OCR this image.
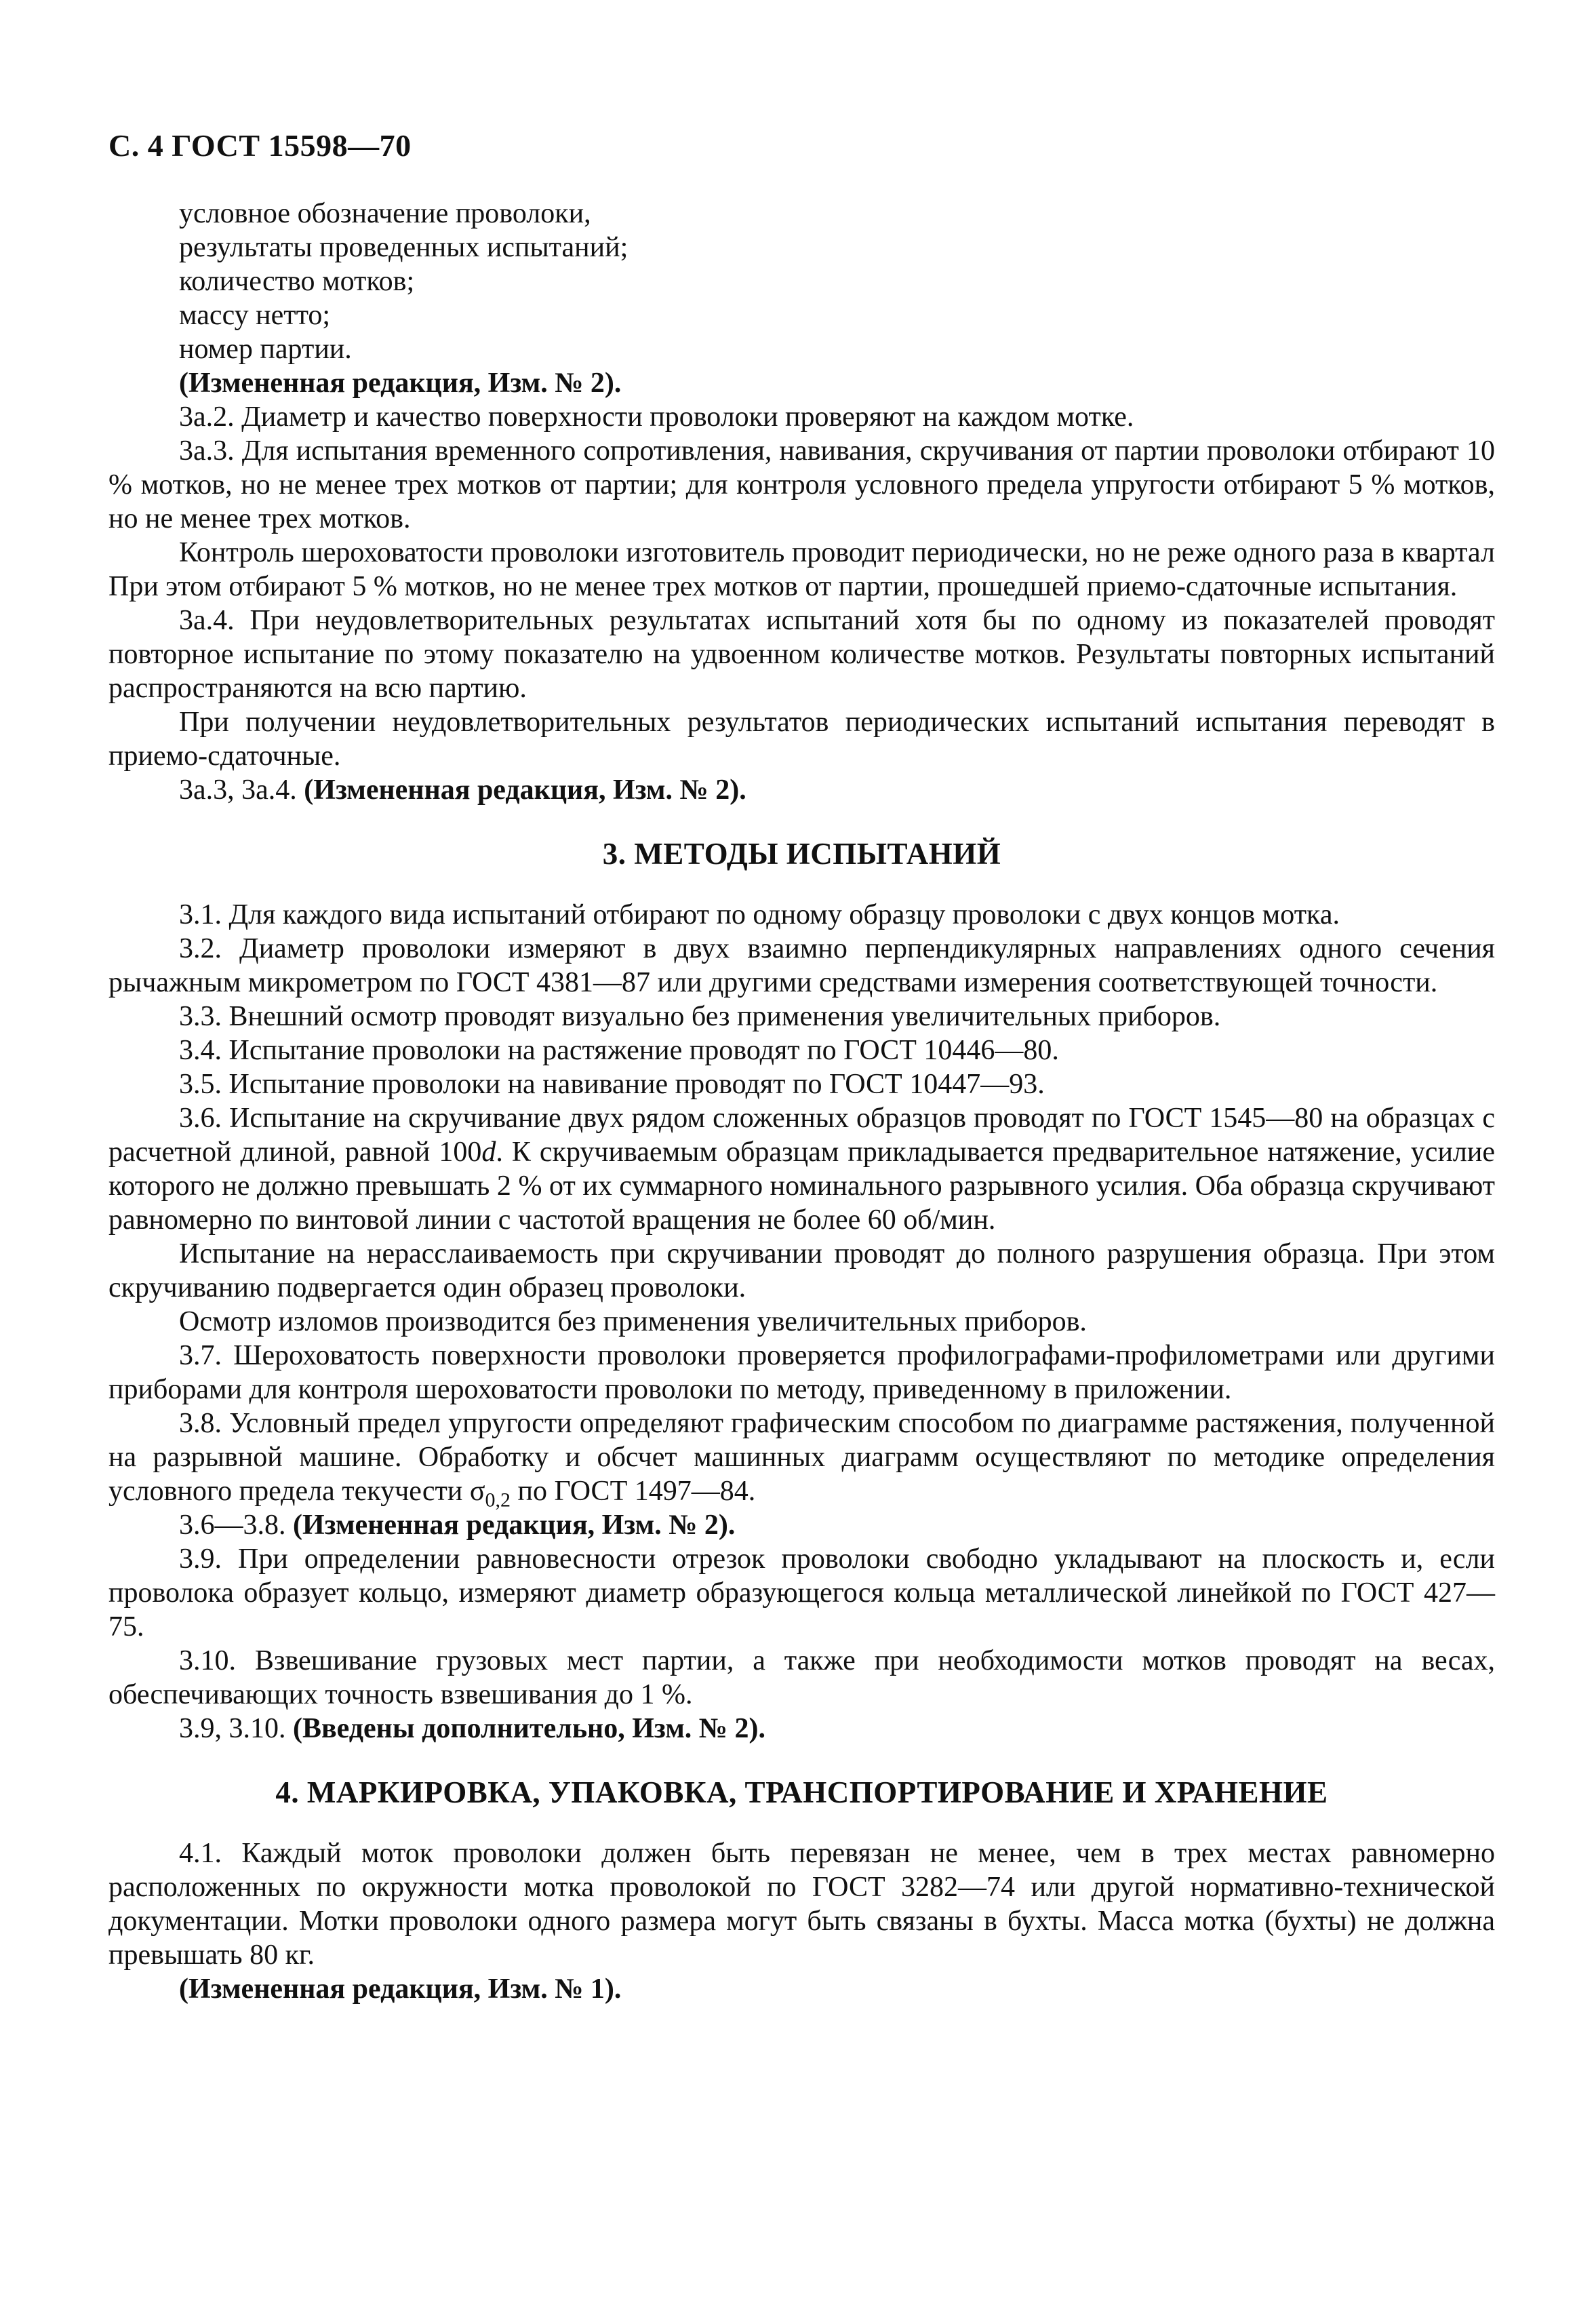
С. 4 ГОСТ 15598—70

условное обозначение проволоки,

результаты проведенных испытаний;

количество мотков;

массу нетто;

номер партии.

(Измененная редакция, Изм. № 2).

3а.2. Диаметр и качество поверхности проволоки проверяют на каждом мотке.

3а.3. Для испытания временного сопротивления, навивания, скручивания от партии проволоки отбирают 10 % мотков, но не менее трех мотков от партии; для контроля условного предела упругости отбирают 5 % мотков, но не менее трех мотков.

Контроль шероховатости проволоки изготовитель проводит периодически, но не реже одного раза в квартал При этом отбирают 5 % мотков, но не менее трех мотков от партии, прошедшей приемо-сдаточные испытания.

3а.4. При неудовлетворительных результатах испытаний хотя бы по одному из показателей проводят повторное испытание по этому показателю на удвоенном количестве мотков. Результаты повторных испытаний распространяются на всю партию.

При получении неудовлетворительных результатов периодических испытаний испытания переводят в приемо-сдаточные.

3а.3, 3а.4. (Измененная редакция, Изм. № 2).

3. МЕТОДЫ ИСПЫТАНИЙ

3.1. Для каждого вида испытаний отбирают по одному образцу проволоки с двух концов мотка.

3.2. Диаметр проволоки измеряют в двух взаимно перпендикулярных направлениях одного сечения рычажным микрометром по ГОСТ 4381—87 или другими средствами измерения соответствующей точности.

3.3. Внешний осмотр проводят визуально без применения увеличительных приборов.

3.4. Испытание проволоки на растяжение проводят по ГОСТ 10446—80.

3.5. Испытание проволоки на навивание проводят по ГОСТ 10447—93.

3.6. Испытание на скручивание двух рядом сложенных образцов проводят по ГОСТ 1545—80 на образцах с расчетной длиной, равной 100d. К скручиваемым образцам прикладывается предварительное натяжение, усилие которого не должно превышать 2 % от их суммарного номинального разрывного усилия. Оба образца скручивают равномерно по винтовой линии с частотой вращения не более 60 об/мин.

Испытание на нерасслаиваемость при скручивании проводят до полного разрушения образца. При этом скручиванию подвергается один образец проволоки.

Осмотр изломов производится без применения увеличительных приборов.

3.7. Шероховатость поверхности проволоки проверяется профилографами-профилометрами или другими приборами для контроля шероховатости проволоки по методу, приведенному в приложении.

3.8. Условный предел упругости определяют графическим способом по диаграмме растяжения, полученной на разрывной машине. Обработку и обсчет машинных диаграмм осуществляют по методике определения условного предела текучести $\sigma_{0,2}$ по ГОСТ 1497—84.

3.6—3.8. (Измененная редакция, Изм. № 2).

3.9. При определении равновесности отрезок проволоки свободно укладывают на плоскость и, если проволока образует кольцо, измеряют диаметр образующегося кольца металлической линейкой по ГОСТ 427—75.

3.10. Взвешивание грузовых мест партии, а также при необходимости мотков проводят на весах, обеспечивающих точность взвешивания до 1 %.

3.9, 3.10. (Введены дополнительно, Изм. № 2).

4. МАРКИРОВКА, УПАКОВКА, ТРАНСПОРТИРОВАНИЕ И ХРАНЕНИЕ

4.1. Каждый моток проволоки должен быть перевязан не менее, чем в трех местах равномерно расположенных по окружности мотка проволокой по ГОСТ 3282—74 или другой нормативно-технической документации. Мотки проволоки одного размера могут быть связаны в бухты. Масса мотка (бухты) не должна превышать 80 кг.

(Измененная редакция, Изм. № 1).
